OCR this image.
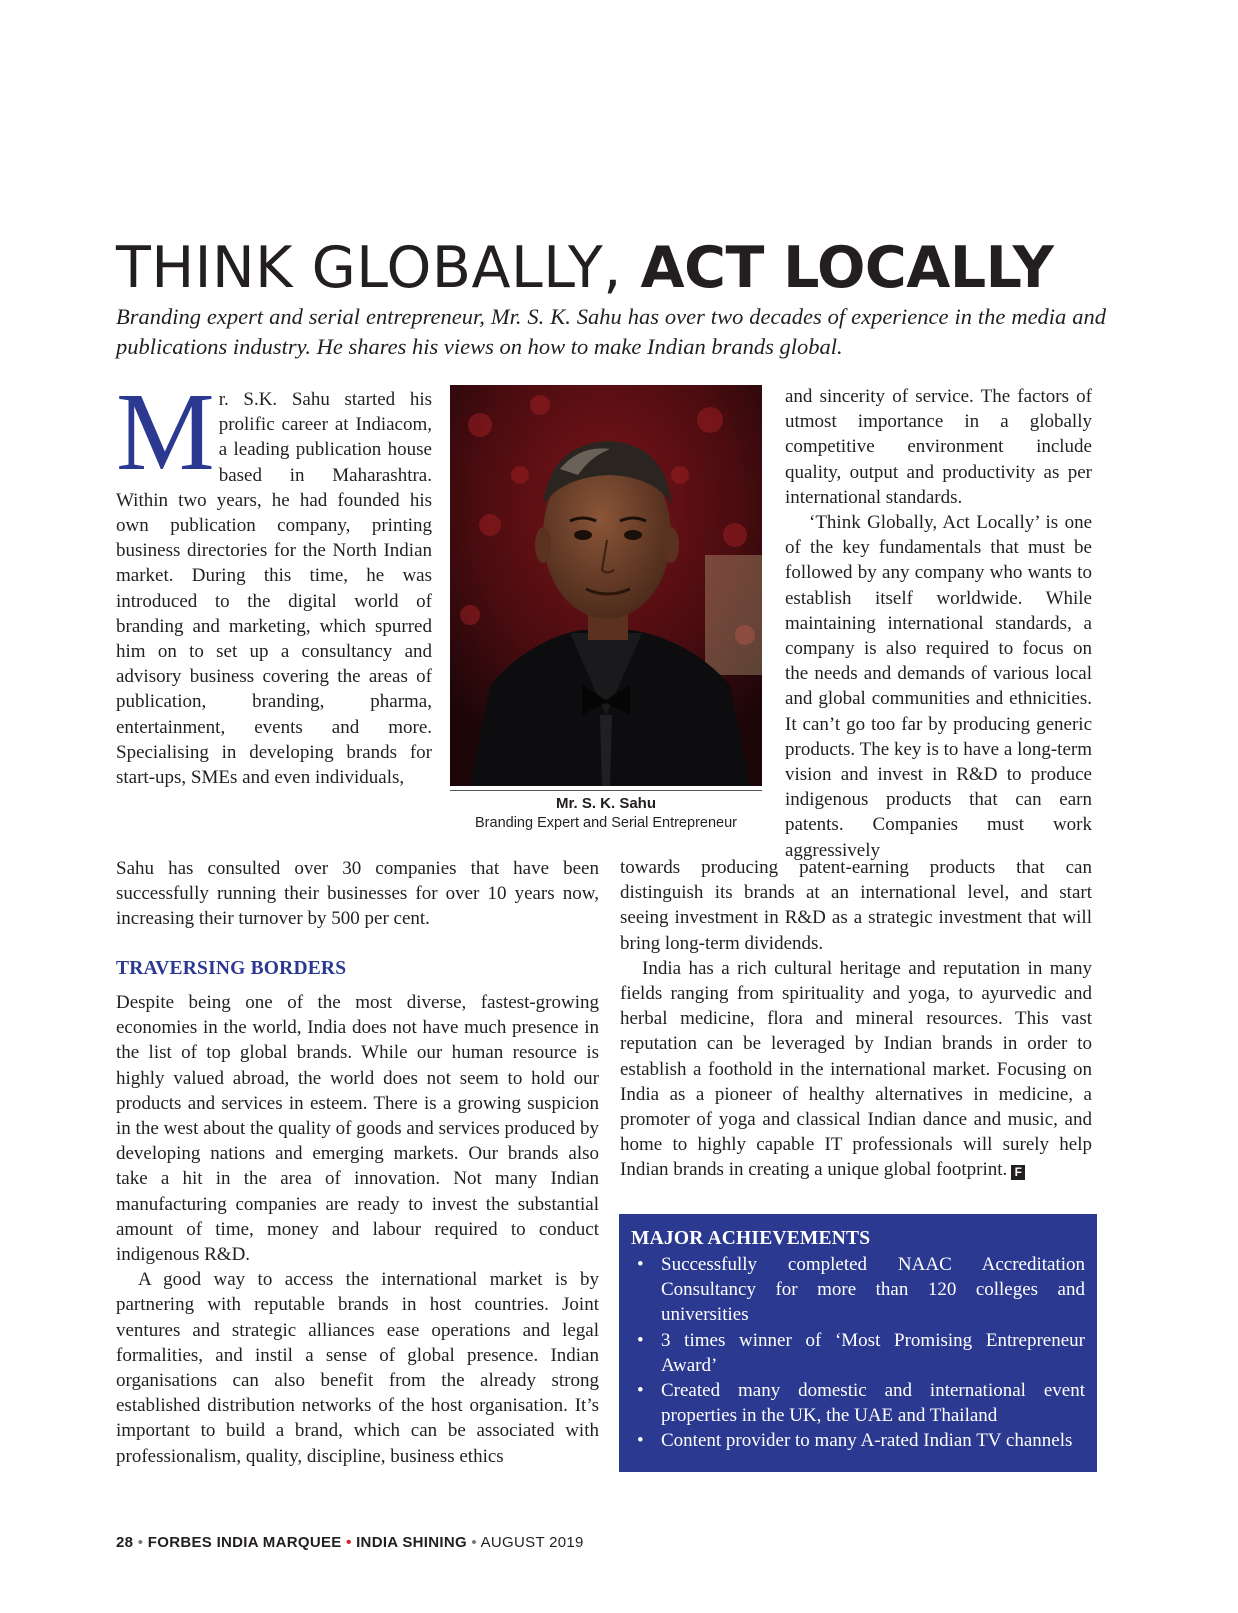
THINK GLOBALLY, ACT LOCALLY
Branding expert and serial entrepreneur, Mr. S. K. Sahu has over two decades of experience in the media and publications industry. He shares his views on how to make Indian brands global.

Mr. S.K. Sahu started his prolific career at Indiacom, a leading publication house based in Maharashtra. Within two years, he had founded his own publication company, printing business directories for the North Indian market. During this time, he was introduced to the digital world of branding and marketing, which spurred him on to set up a consultancy and advisory business covering the areas of publication, branding, pharma, entertainment, events and more. Specialising in developing brands for start-ups, SMEs and even individuals,

Sahu has consulted over 30 companies that have been successfully running their businesses for over 10 years now, increasing their turnover by 500 per cent.

TRAVERSING BORDERS

Despite being one of the most diverse, fastest-growing economies in the world, India does not have much presence in the list of top global brands. While our human resource is highly valued abroad, the world does not seem to hold our products and services in esteem. There is a growing suspicion in the west about the quality of goods and services produced by developing nations and emerging markets. Our brands also take a hit in the area of innovation. Not many Indian manufacturing companies are ready to invest the substantial amount of time, money and labour required to conduct indigenous R&D.

A good way to access the international market is by partnering with reputable brands in host countries. Joint ventures and strategic alliances ease operations and legal formalities, and instil a sense of global presence. Indian organisations can also benefit from the already strong established distribution networks of the host organisation. It’s important to build a brand, which can be associated with professionalism, quality, discipline, business ethics

Mr. S. K. Sahu
Branding Expert and Serial Entrepreneur

and sincerity of service. The factors of utmost importance in a globally competitive environment include quality, output and productivity as per international standards.

‘Think Globally, Act Locally’ is one of the key fundamentals that must be followed by any company who wants to establish itself worldwide. While maintaining international standards, a company is also required to focus on the needs and demands of various local and global communities and ethnicities. It can’t go too far by producing generic products. The key is to have a long-term vision and invest in R&D to produce indigenous products that can earn patents. Companies must work aggressively

towards producing patent-earning products that can distinguish its brands at an international level, and start seeing investment in R&D as a strategic investment that will bring long-term dividends.

India has a rich cultural heritage and reputation in many fields ranging from spirituality and yoga, to ayurvedic and herbal medicine, flora and mineral resources. This vast reputation can be leveraged by Indian brands in order to establish a foothold in the international market. Focusing on India as a pioneer of healthy alternatives in medicine, a promoter of yoga and classical Indian dance and music, and home to highly capable IT professionals will surely help Indian brands in creating a unique global footprint. F

MAJOR ACHIEVEMENTS
• Successfully completed NAAC Accreditation Consultancy for more than 120 colleges and universities
• 3 times winner of ‘Most Promising Entrepreneur Award’
• Created many domestic and international event properties in the UK, the UAE and Thailand
• Content provider to many A-rated Indian TV channels
28 • FORBES INDIA MARQUEE • INDIA SHINING • AUGUST 2019
